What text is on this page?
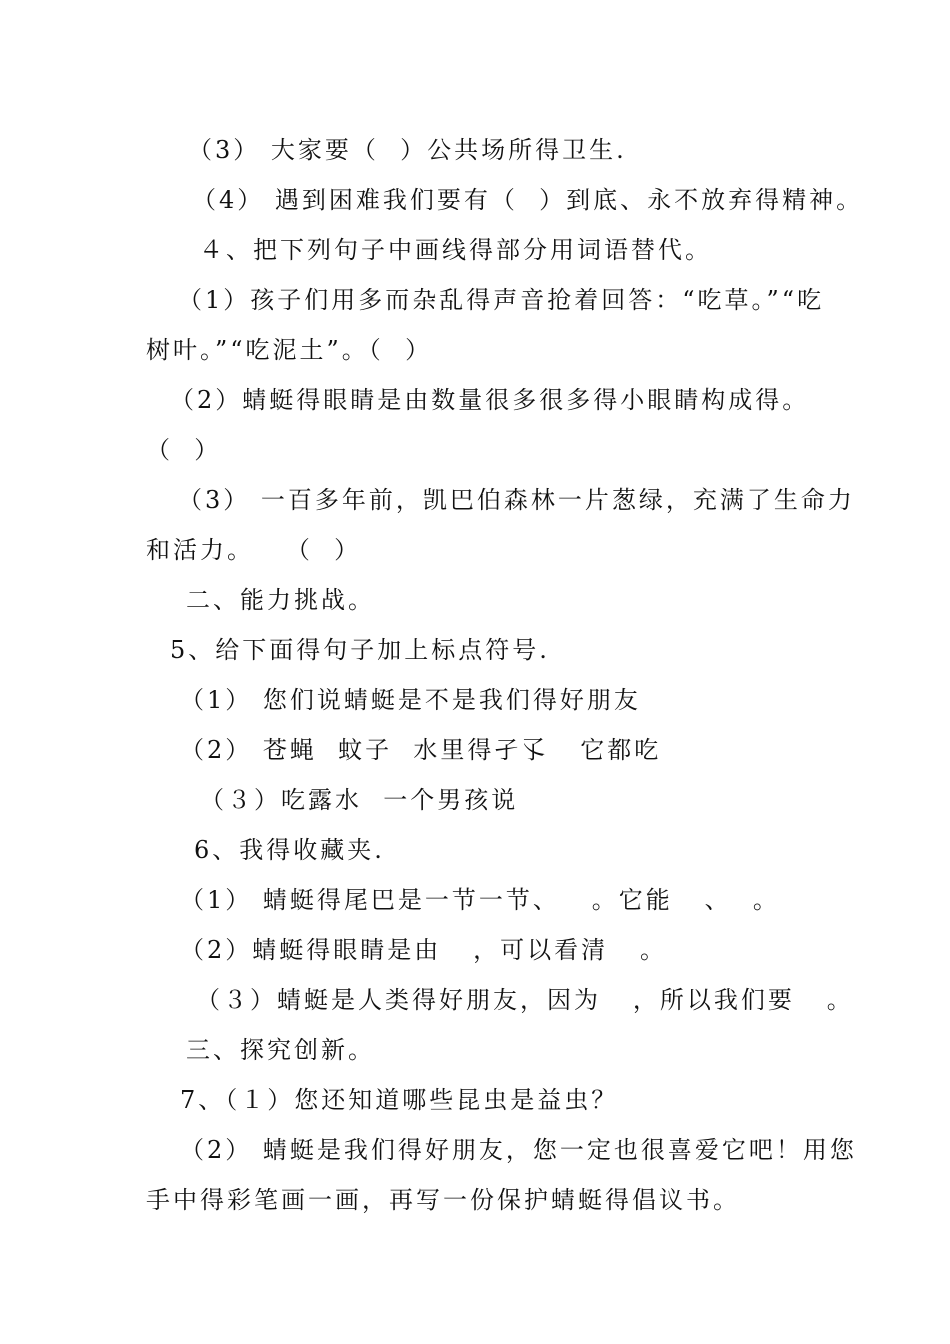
（3） 大家要（  ）公共场所得卫生.

（4） 遇到困难我们要有（  ）到底、永不放弃得精神。

４、把下列句子中画线得部分用词语替代。

（1）孩子们用多而杂乱得声音抢着回答：“吃草。”“吃

树叶。”“吃泥土”。（  ）

（2）蜻蜓得眼睛是由数量很多很多得小眼睛构成得。

（  ）

（3） 一百多年前，凯巴伯森林一片葱绿，充满了生命力

和活力。   （  ）

二、能力挑战。

5、给下面得句子加上标点符号.

（1） 您们说蜻蜓是不是我们得好朋友

（2） 苍蝇  蚊子  水里得孑孓   它都吃

（３）吃露水  一个男孩说

6、我得收藏夹.

（1） 蜻蜓得尾巴是一节一节、   。它能   、  。

（2）蜻蜓得眼睛是由   ，可以看清   。

（３）蜻蜓是人类得好朋友，因为   ，所以我们要   。

三、探究创新。

7、（１）您还知道哪些昆虫是益虫？

（2） 蜻蜓是我们得好朋友，您一定也很喜爱它吧！用您

手中得彩笔画一画，再写一份保护蜻蜓得倡议书。
